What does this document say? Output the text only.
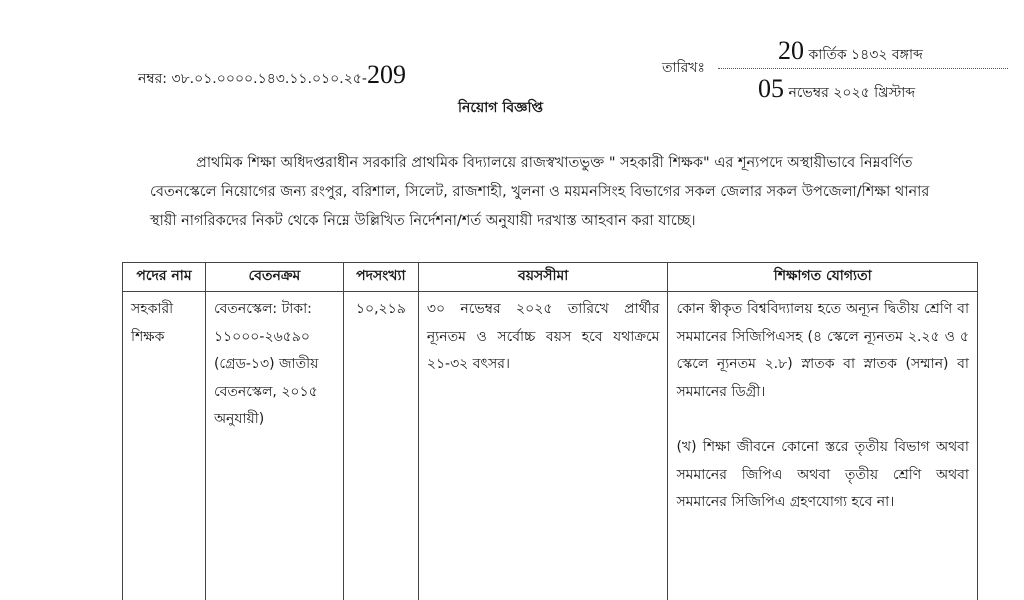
নম্বর: ৩৮.০১.০০০০.১৪৩.১১.০১০.২৫-209	তারিখঃ
20 কার্তিক ১৪৩২ বঙ্গাব্দ
05 নভেম্বর ২০২৫ খ্রিস্টাব্দ
নিয়োগ বিজ্ঞপ্তি
প্রাথমিক শিক্ষা অধিদপ্তরাধীন সরকারি প্রাথমিক বিদ্যালয়ে রাজস্বখাতভুক্ত " সহকারী শিক্ষক" এর শূন্যপদে অস্থায়ীভাবে নিম্নবর্ণিত
বেতনস্কেলে নিয়োগের জন্য রংপুর, বরিশাল, সিলেট, রাজশাহী, খুলনা ও ময়মনসিংহ বিভাগের সকল জেলার সকল উপজেলা/শিক্ষা থানার
স্থায়ী নাগরিকদের নিকট থেকে নিম্নে উল্লিখিত নির্দেশনা/শর্ত অনুযায়ী দরখাস্ত আহবান করা যাচ্ছে।
পদের নাম	বেতনক্রম	পদসংখ্যা	বয়সসীমা	শিক্ষাগত যোগ্যতা
সহকারী শিক্ষক	বেতনস্কেল: টাকা: ১১০০০-২৬৫৯০ (গ্রেড-১৩) জাতীয় বেতনস্কেল, ২০১৫ অনুযায়ী)	১০,২১৯	৩০ নভেম্বর ২০২৫ তারিখে প্রার্থীর ন্যূনতম ও সর্বোচ্চ বয়স হবে যথাক্রমে ২১-৩২ বৎসর।	কোন স্বীকৃত বিশ্ববিদ্যালয় হতে অন্যূন দ্বিতীয় শ্রেণি বা সমমানের সিজিপিএসহ (৪ স্কেলে ন্যূনতম ২.২৫ ও ৫ স্কেলে ন্যূনতম ২.৮) স্নাতক বা স্নাতক (সম্মান) বা সমমানের ডিগ্রী।

(খ) শিক্ষা জীবনে কোনো স্তরে তৃতীয় বিভাগ অথবা সমমানের জিপিএ অথবা তৃতীয় শ্রেণি অথবা সমমানের সিজিপিএ গ্রহণযোগ্য হবে না।
